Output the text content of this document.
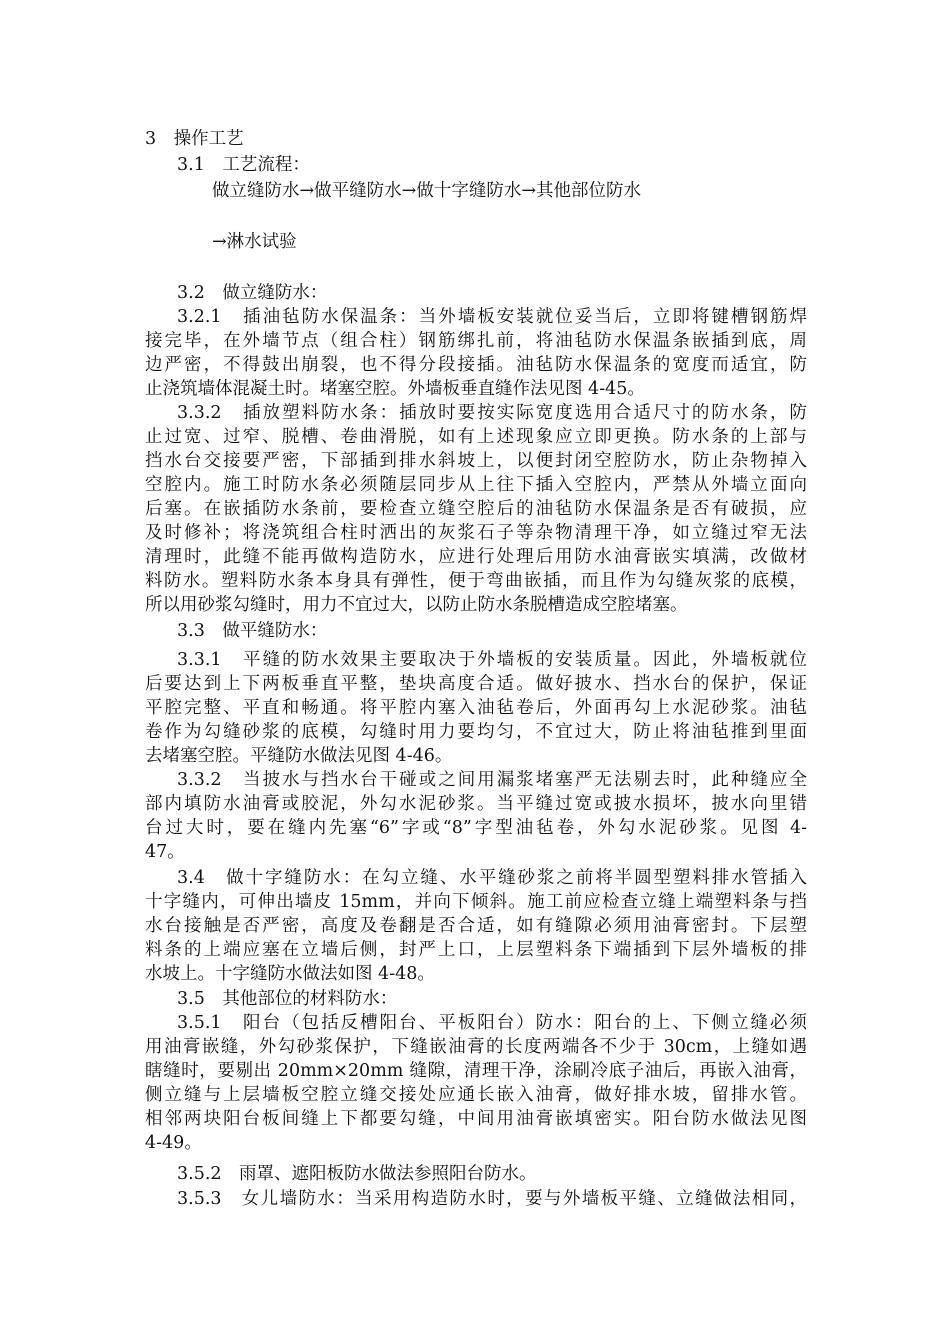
3　操作工艺
3.1　工艺流程：
做立缝防水→做平缝防水→做十字缝防水→其他部位防水
→淋水试验
3.2　做立缝防水：
3.2.1　插油毡防水保温条：当外墙板安装就位妥当后，立即将键槽钢筋焊
接完毕，在外墙节点（组合柱）钢筋绑扎前，将油毡防水保温条嵌插到底，周
边严密，不得鼓出崩裂，也不得分段接插。油毡防水保温条的宽度而适宜，防
止浇筑墙体混凝土时。堵塞空腔。外墙板垂直缝作法见图 4-45。
3.3.2　插放塑料防水条：插放时要按实际宽度选用合适尺寸的防水条，防
止过宽、过窄、脱槽、卷曲滑脱，如有上述现象应立即更换。防水条的上部与
挡水台交接要严密，下部插到排水斜坡上，以便封闭空腔防水，防止杂物掉入
空腔内。施工时防水条必须随层同步从上往下插入空腔内，严禁从外墙立面向
后塞。在嵌插防水条前，要检查立缝空腔后的油毡防水保温条是否有破损，应
及时修补；将浇筑组合柱时洒出的灰浆石子等杂物清理干净，如立缝过窄无法
清理时，此缝不能再做构造防水，应进行处理后用防水油膏嵌实填满，改做材
料防水。塑料防水条本身具有弹性，便于弯曲嵌插，而且作为勾缝灰浆的底模，
所以用砂浆勾缝时，用力不宜过大，以防止防水条脱槽造成空腔堵塞。
3.3　做平缝防水：
3.3.1　平缝的防水效果主要取决于外墙板的安装质量。因此，外墙板就位
后要达到上下两板垂直平整，垫块高度合适。做好披水、挡水台的保护，保证
平腔完整、平直和畅通。将平腔内塞入油毡卷后，外面再勾上水泥砂浆。油毡
卷作为勾缝砂浆的底模，勾缝时用力要均匀，不宜过大，防止将油毡推到里面
去堵塞空腔。平缝防水做法见图 4-46。
3.3.2　当披水与挡水台干碰或之间用漏浆堵塞严无法剔去时，此种缝应全
部内填防水油膏或胶泥，外勾水泥砂浆。当平缝过宽或披水损坏，披水向里错
台过大时，要在缝内先塞“6”字或“8”字型油毡卷，外勾水泥砂浆。见图 4-
47。
3.4　做十字缝防水：在勾立缝、水平缝砂浆之前将半圆型塑料排水管插入
十字缝内，可伸出墙皮 15mm，并向下倾斜。施工前应检查立缝上端塑料条与挡
水台接触是否严密，高度及卷翻是否合适，如有缝隙必须用油膏密封。下层塑
料条的上端应塞在立墙后侧，封严上口，上层塑料条下端插到下层外墙板的排
水坡上。十字缝防水做法如图 4-48。
3.5　其他部位的材料防水：
3.5.1　阳台（包括反槽阳台、平板阳台）防水：阳台的上、下侧立缝必须
用油膏嵌缝，外勾砂浆保护，下缝嵌油膏的长度两端各不少于 30cm，上缝如遇
瞎缝时，要剔出 20mm×20mm 缝隙，清理干净，涂刷冷底子油后，再嵌入油膏，
侧立缝与上层墙板空腔立缝交接处应通长嵌入油膏，做好排水坡，留排水管。
相邻两块阳台板间缝上下都要勾缝，中间用油膏嵌填密实。阳台防水做法见图
4-49。
3.5.2　雨罩、遮阳板防水做法参照阳台防水。
3.5.3　女儿墙防水：当采用构造防水时，要与外墙板平缝、立缝做法相同，
